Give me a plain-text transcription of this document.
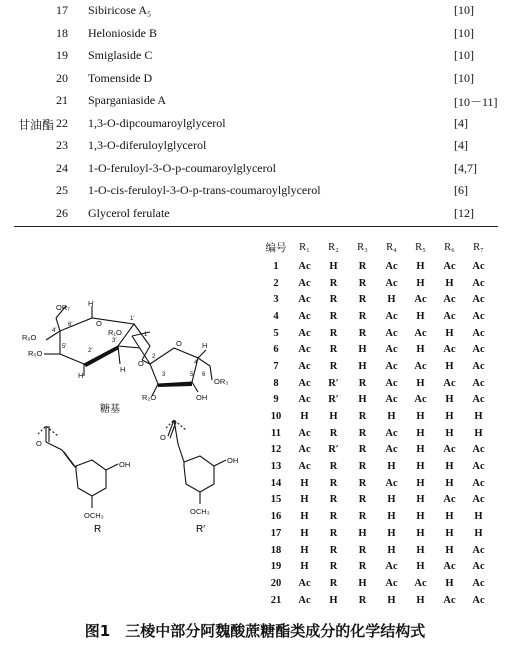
17 Sibiricose A₅	[10]
18 Helonioside B	[10]
19 Smiglaside C	[10]
20 Tomenside D	[10]
21 Sparganiaside A	[10－11]
甘油酯 22 1,3-O-dipcoumaroylglycerol	[4]
23 1,3-O-diferuloylglycerol	[4]
24 1-O-feruloyl-3-O-p-coumaroylglycerol	[4,7]
25 1-O-cis-feruloyl-3-O-p-trans-coumaroylglycerol	[6]
26 Glycerol ferulate	[12]
OR₇
R₆O
R₅O
R₁O
OR₃
R₂O
O
O
O
H
H
H
H
OH
6′
4′
5′
2′
3′
1′
1
2
3
4
6
5
糖基
O
OH
OCH₃
R
O
OH
OCH₃
R′
编号	R₁	R₂	R₃	R₄	R₅	R₆	R₇
1	Ac	H	R	Ac	H	Ac	Ac
2	Ac	R	R	Ac	H	H	Ac
3	Ac	R	R	H	Ac	Ac	Ac
4	Ac	R	R	Ac	H	Ac	Ac
5	Ac	R	R	Ac	Ac	H	Ac
6	Ac	R	H	Ac	H	Ac	Ac
7	Ac	R	H	Ac	Ac	H	Ac
8	Ac	R′	R	Ac	H	Ac	Ac
9	Ac	R′	H	Ac	Ac	H	Ac
10	H	H	R	H	H	H	H
11	Ac	R	R	Ac	H	H	H
12	Ac	R′	R	Ac	H	Ac	Ac
13	Ac	R	R	H	H	H	Ac
14	H	R	R	Ac	H	H	Ac
15	H	R	R	H	H	Ac	Ac
16	H	R	R	H	H	H	H
17	H	R	H	H	H	H	H
18	H	R	R	H	H	H	Ac
19	H	R	R	Ac	H	Ac	Ac
20	Ac	R	H	Ac	Ac	H	Ac
21	Ac	H	R	H	H	Ac	Ac
图1　三棱中部分阿魏酸蔗糖酯类成分的化学结构式
